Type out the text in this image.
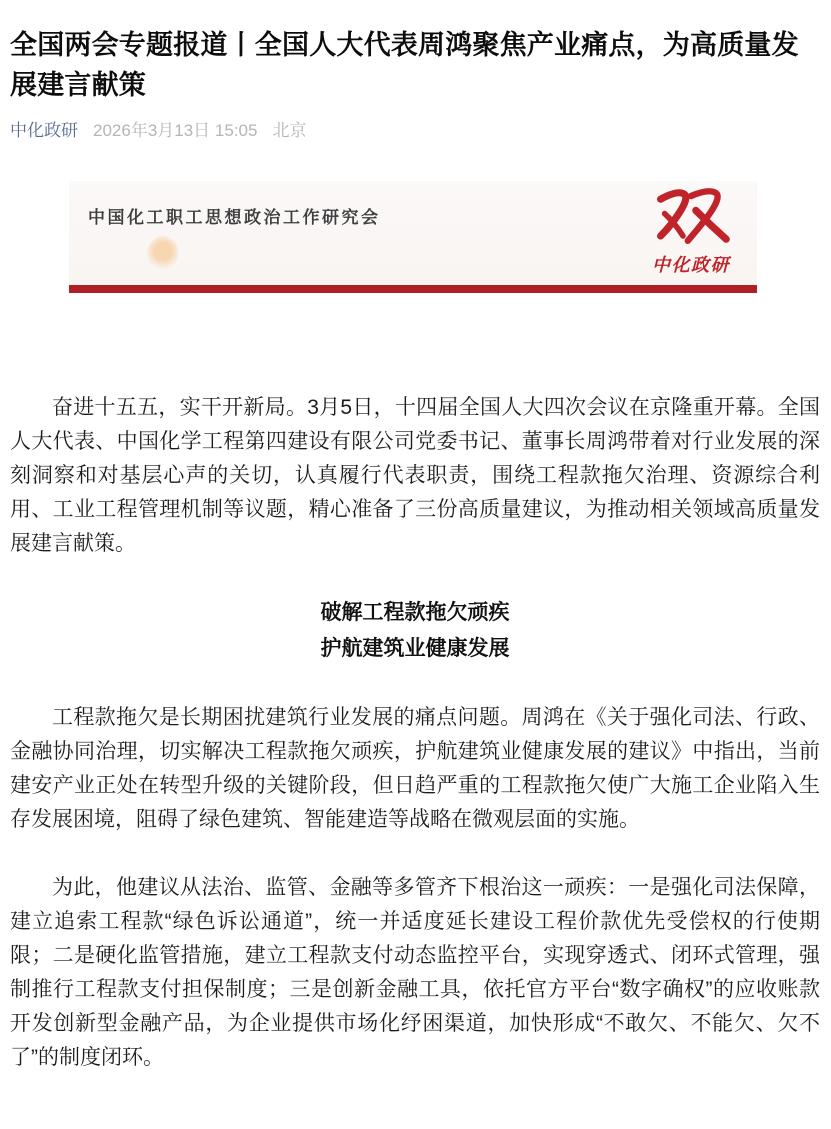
全国两会专题报道丨全国人大代表周鸿聚焦产业痛点，为高质量发展建言献策
中化政研 2026年3月13日 15:05 北京
中国化工职工思想政治工作研究会
中化政研

奋进十五五，实干开新局。3月5日，十四届全国人大四次会议在京隆重开幕。全国人大代表、中国化学工程第四建设有限公司党委书记、董事长周鸿带着对行业发展的深刻洞察和对基层心声的关切，认真履行代表职责，围绕工程款拖欠治理、资源综合利用、工业工程管理机制等议题，精心准备了三份高质量建议，为推动相关领域高质量发展建言献策。

破解工程款拖欠顽疾
护航建筑业健康发展

工程款拖欠是长期困扰建筑行业发展的痛点问题。周鸿在《关于强化司法、行政、金融协同治理，切实解决工程款拖欠顽疾，护航建筑业健康发展的建议》中指出，当前建安产业正处在转型升级的关键阶段，但日趋严重的工程款拖欠使广大施工企业陷入生存发展困境，阻碍了绿色建筑、智能建造等战略在微观层面的实施。

为此，他建议从法治、监管、金融等多管齐下根治这一顽疾：一是强化司法保障，建立追索工程款“绿色诉讼通道”，统一并适度延长建设工程价款优先受偿权的行使期限；二是硬化监管措施，建立工程款支付动态监控平台，实现穿透式、闭环式管理，强制推行工程款支付担保制度；三是创新金融工具，依托官方平台“数字确权”的应收账款开发创新型金融产品，为企业提供市场化纾困渠道，加快形成“不敢欠、不能欠、欠不了”的制度闭环。
